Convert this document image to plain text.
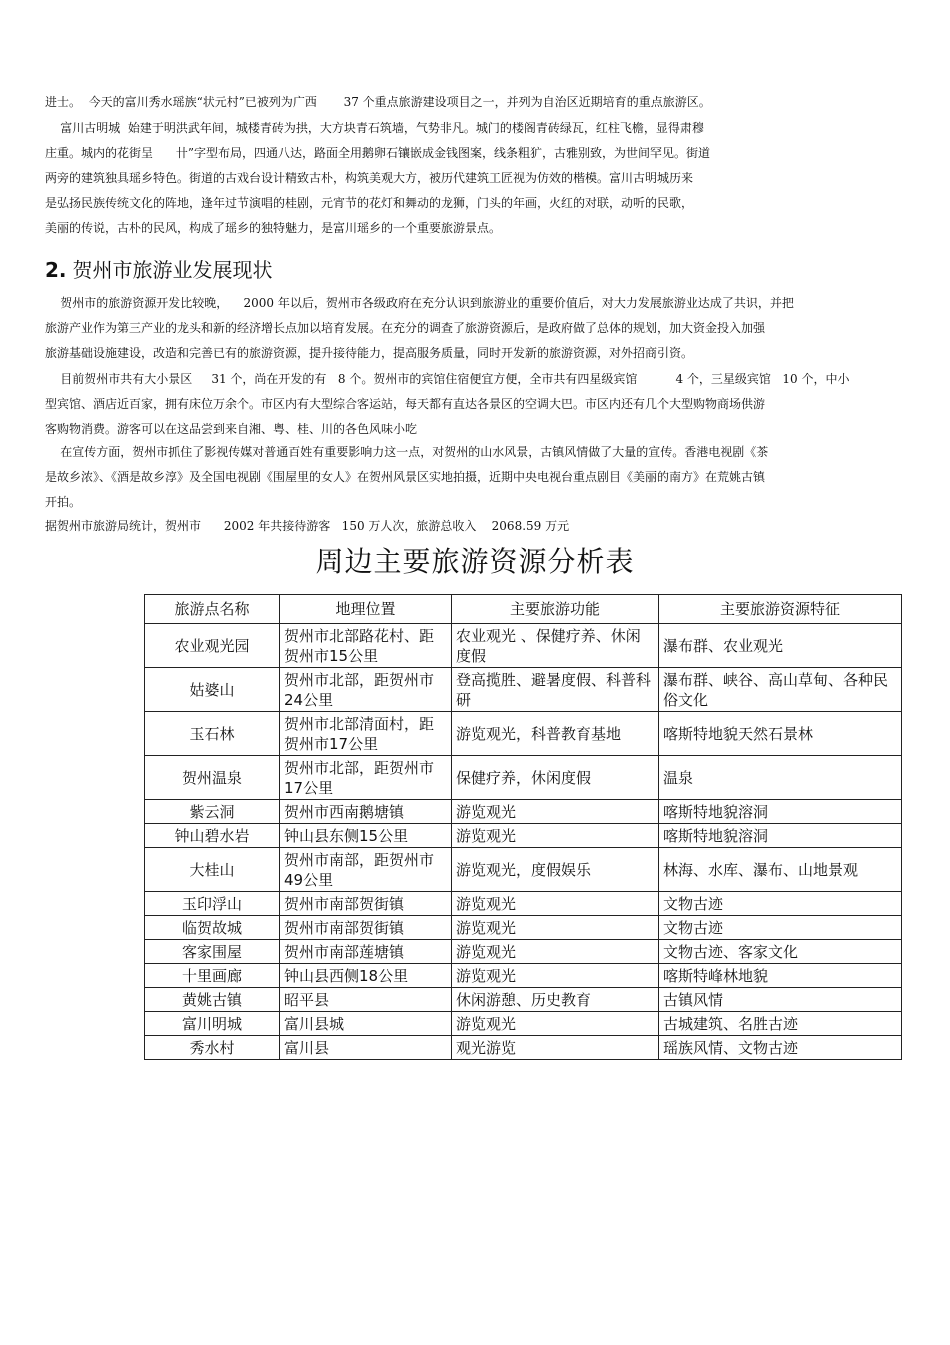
进士。  今天的富川秀水瑶族“状元村”已被列为广西       37 个重点旅游建设项目之一，并列为自治区近期培育的重点旅游区。

富川古明城  始建于明洪武年间，城楼青砖为拱，大方块青石筑墙，气势非凡。城门的楼阁青砖绿瓦，红柱飞檐，显得肃穆
庄重。城内的花街呈      卄”字型布局，四通八达，路面全用鹅卵石镶嵌成金钱图案，线条粗犷，古雅别致，为世间罕见。街道
两旁的建筑独具瑶乡特色。街道的古戏台设计精致古朴，构筑美观大方，被历代建筑工匠视为仿效的楷模。富川古明城历来
是弘扬民族传统文化的阵地，逢年过节演唱的桂剧，元宵节的花灯和舞动的龙狮，门头的年画，火红的对联，动听的民歌，
美丽的传说，古朴的民风，构成了瑶乡的独特魅力，是富川瑶乡的一个重要旅游景点。

2. 贺州市旅游业发展现状

贺州市的旅游资源开发比较晚，    2000 年以后，贺州市各级政府在充分认识到旅游业的重要价值后，对大力发展旅游业达成了共识，并把
旅游产业作为第三产业的龙头和新的经济增长点加以培育发展。在充分的调查了旅游资源后，是政府做了总体的规划，加大资金投入加强
旅游基础设施建设，改造和完善已有的旅游资源，提升接待能力，提高服务质量，同时开发新的旅游资源，对外招商引资。

目前贺州市共有大小景区     31 个，尚在开发的有   8 个。贺州市的宾馆住宿便宜方便，全市共有四星级宾馆          4 个，三星级宾馆   10 个，中小
型宾馆、酒店近百家，拥有床位万余个。市区内有大型综合客运站，每天都有直达各景区的空调大巴。市区内还有几个大型购物商场供游
客购物消费。游客可以在这品尝到来自湘、粤、桂、川的各色风味小吃

在宣传方面，贺州市抓住了影视传媒对普通百姓有重要影响力这一点，对贺州的山水风景，古镇风情做了大量的宣传。香港电视剧《茶
是故乡浓》、《酒是故乡淳》及全国电视剧《围屋里的女人》在贺州风景区实地拍摄，近期中央电视台重点剧目《美丽的南方》在荒姚古镇
开拍。

据贺州市旅游局统计，贺州市      2002 年共接待游客   150 万人次，旅游总收入    2068.59 万元

周边主要旅游资源分析表
旅游点名称	地理位置	主要旅游功能	主要旅游资源特征
农业观光园	贺州市北部路花村、距贺州市15公里	农业观光 、保健疗养、休闲度假	瀑布群、农业观光
姑婆山	贺州市北部，距贺州市24公里	登高揽胜、避暑度假、科普科研	瀑布群、峡谷、高山草甸、各种民俗文化
玉石林	贺州市北部清面村，距贺州市17公里	游览观光，科普教育基地	喀斯特地貌天然石景林
贺州温泉	贺州市北部，距贺州市17公里	保健疗养，休闲度假	温泉
紫云洞	贺州市西南鹅塘镇	游览观光	喀斯特地貌溶洞
钟山碧水岩	钟山县东侧15公里	游览观光	喀斯特地貌溶洞
大桂山	贺州市南部，距贺州市49公里	游览观光，度假娱乐	林海、水库、瀑布、山地景观
玉印浮山	贺州市南部贺街镇	游览观光	文物古迹
临贺故城	贺州市南部贺街镇	游览观光	文物古迹
客家围屋	贺州市南部莲塘镇	游览观光	文物古迹、客家文化
十里画廊	钟山县西侧18公里	游览观光	喀斯特峰林地貌
黄姚古镇	昭平县	休闲游憩、历史教育	古镇风情
富川明城	富川县城	游览观光	古城建筑、名胜古迹
秀水村	富川县	观光游览	瑶族风情、文物古迹
